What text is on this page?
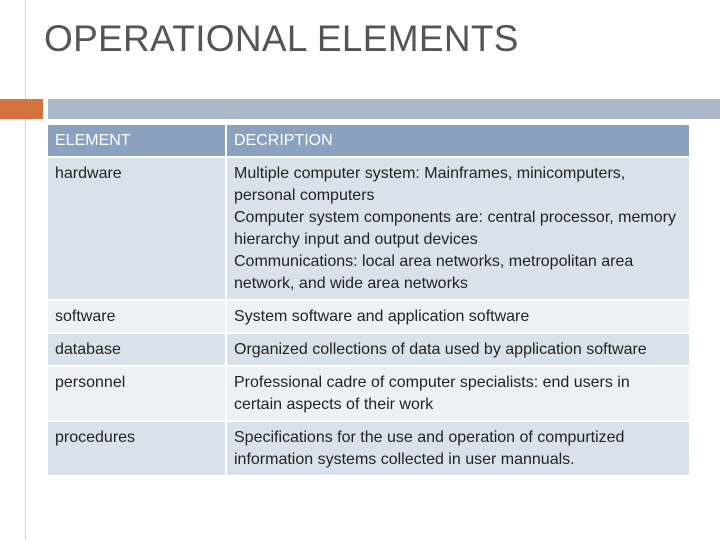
OPERATIONAL ELEMENTS
ELEMENT	DECRIPTION
hardware	Multiple computer system: Mainframes, minicomputers, personal computers
Computer system components are: central processor, memory hierarchy input and output devices
Communications: local area networks, metropolitan area network, and wide area networks

software	System software and application software

database	Organized collections of data used by application software

personnel	Professional cadre of computer specialists: end users in certain aspects of their work

procedures	Specifications for the use and operation of compurtized information systems collected in user mannuals.
